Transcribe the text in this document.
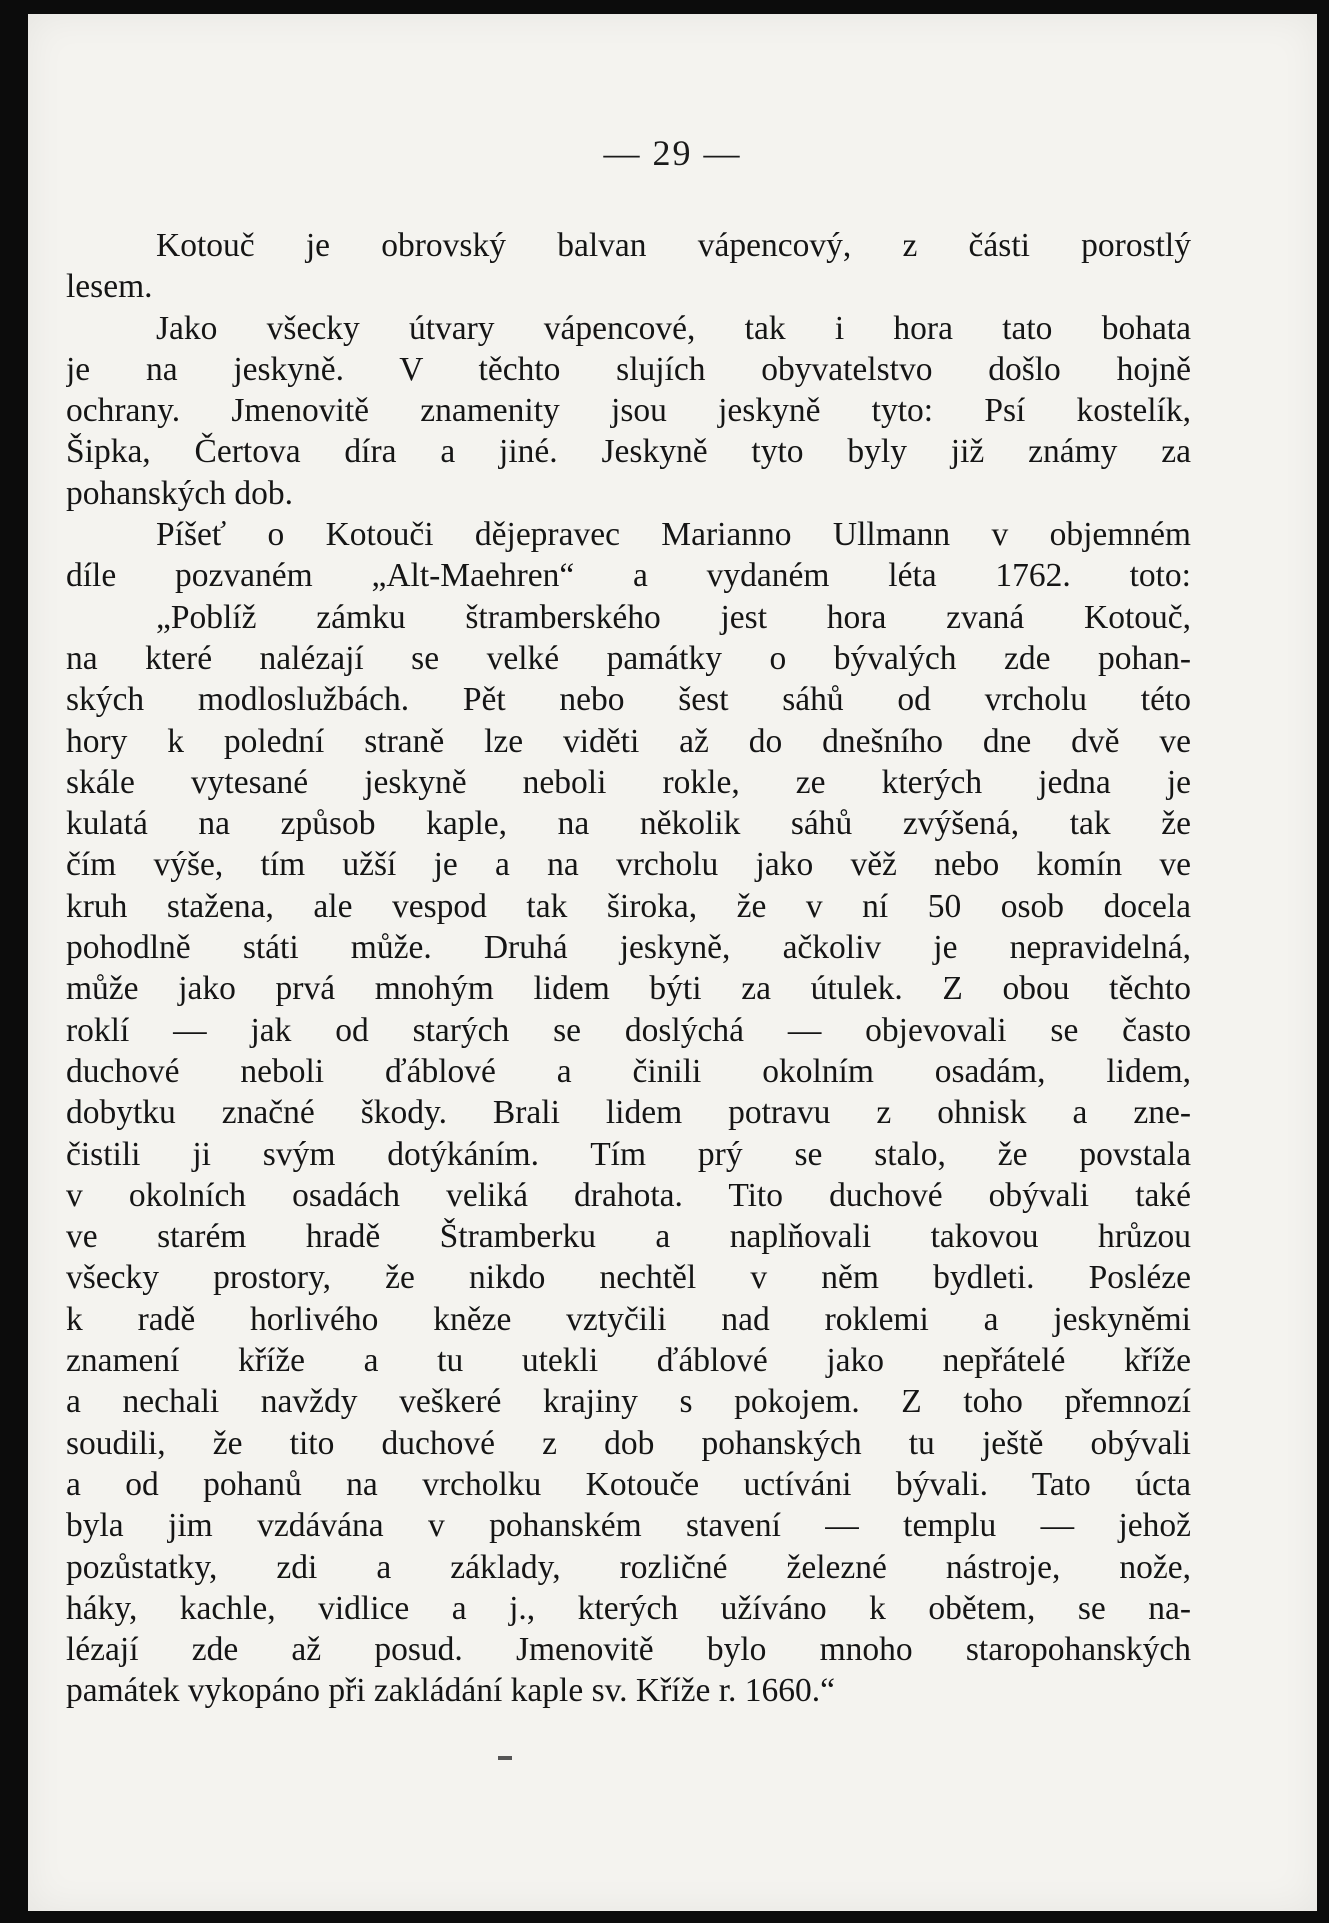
— 29 —
Kotouč je obrovský balvan vápencový, z části porostlý
lesem.
Jako všecky útvary vápencové, tak i hora tato bohata
je na jeskyně. V těchto slujích obyvatelstvo došlo hojně
ochrany. Jmenovitě znamenity jsou jeskyně tyto: Psí kostelík,
Šipka, Čertova díra a jiné. Jeskyně tyto byly již známy za
pohanských dob.
Píšeť o Kotouči dějepravec Marianno Ullmann v objemném
díle pozvaném „Alt-Maehren“ a vydaném léta 1762. toto:
„Poblíž zámku štramberského jest hora zvaná Kotouč,
na které nalézají se velké památky o bývalých zde pohan-
ských modloslužbách. Pět nebo šest sáhů od vrcholu této
hory k polední straně lze viděti až do dnešního dne dvě ve
skále vytesané jeskyně neboli rokle, ze kterých jedna je
kulatá na způsob kaple, na několik sáhů zvýšená, tak že
čím výše, tím užší je a na vrcholu jako věž nebo komín ve
kruh stažena, ale vespod tak široka, že v ní 50 osob docela
pohodlně státi může. Druhá jeskyně, ačkoliv je nepravidelná,
může jako prvá mnohým lidem býti za útulek. Z obou těchto
roklí — jak od starých se doslýchá — objevovali se často
duchové neboli ďáblové a činili okolním osadám, lidem,
dobytku značné škody. Brali lidem potravu z ohnisk a zne-
čistili ji svým dotýkáním. Tím prý se stalo, že povstala
v okolních osadách veliká drahota. Tito duchové obývali také
ve starém hradě Štramberku a naplňovali takovou hrůzou
všecky prostory, že nikdo nechtěl v něm bydleti. Posléze
k radě horlivého kněze vztyčili nad roklemi a jeskyněmi
znamení kříže a tu utekli ďáblové jako nepřátelé kříže
a nechali navždy veškeré krajiny s pokojem. Z toho přemnozí
soudili, že tito duchové z dob pohanských tu ještě obývali
a od pohanů na vrcholku Kotouče uctíváni bývali. Tato úcta
byla jim vzdávána v pohanském stavení — templu — jehož
pozůstatky, zdi a základy, rozličné železné nástroje, nože,
háky, kachle, vidlice a j., kterých užíváno k obětem, se na-
lézají zde až posud. Jmenovitě bylo mnoho staropohanských
památek vykopáno při zakládání kaple sv. Kříže r. 1660.“
